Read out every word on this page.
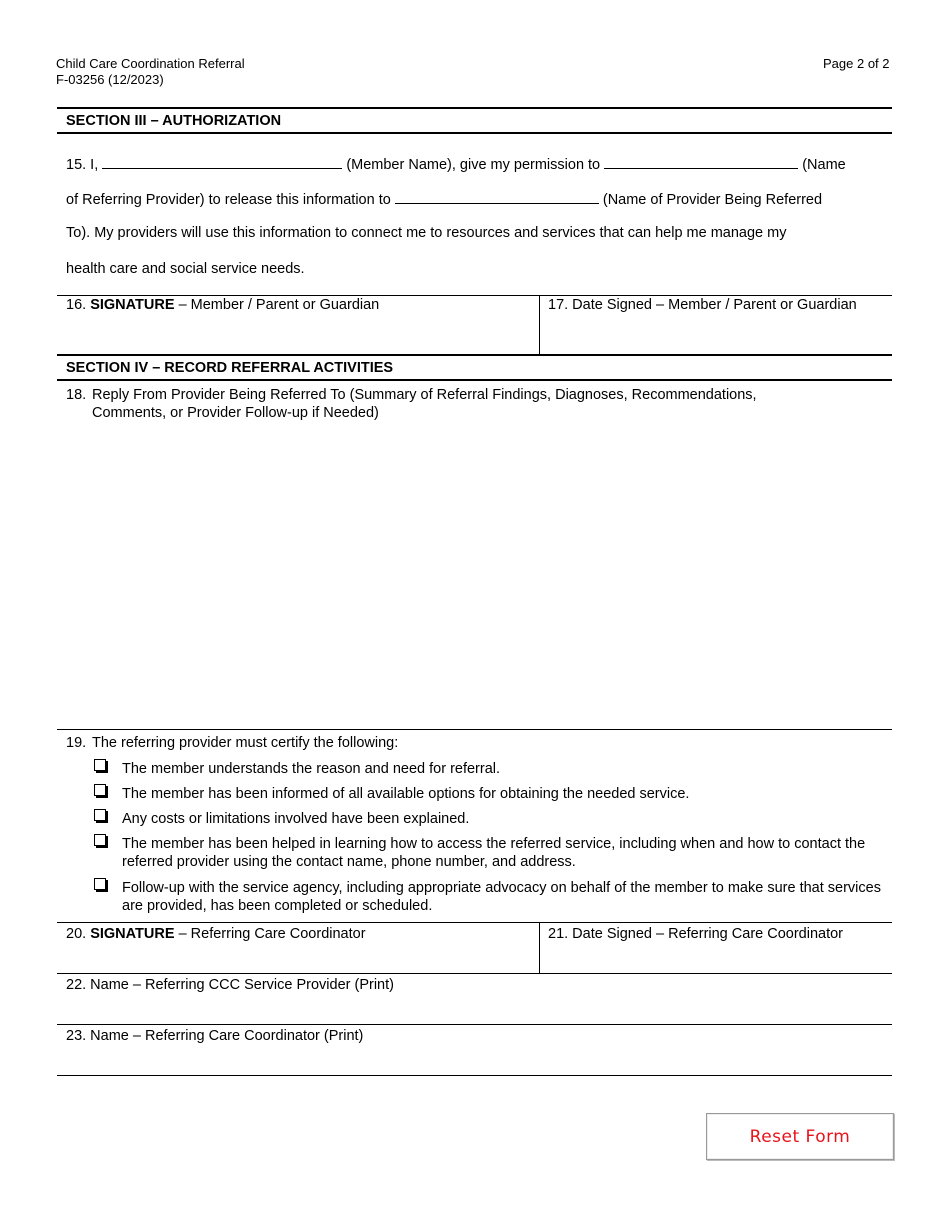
Child Care Coordination Referral
F-03256 (12/2023)
Page 2 of 2
SECTION III – AUTHORIZATION
15. I,	(Member Name), give my permission to	(Name
of Referring Provider) to release this information to	(Name of Provider Being Referred
To). My providers will use this information to connect me to resources and services that can help me manage my
health care and social service needs.
16. SIGNATURE – Member / Parent or Guardian	17. Date Signed – Member / Parent or Guardian
SECTION IV – RECORD REFERRAL ACTIVITIES
18. Reply From Provider Being Referred To (Summary of Referral Findings, Diagnoses, Recommendations,
Comments, or Provider Follow-up if Needed)
19. The referring provider must certify the following:
The member understands the reason and need for referral.
The member has been informed of all available options for obtaining the needed service.
Any costs or limitations involved have been explained.
The member has been helped in learning how to access the referred service, including when and how to contact the referred provider using the contact name, phone number, and address.
Follow-up with the service agency, including appropriate advocacy on behalf of the member to make sure that services are provided, has been completed or scheduled.
20. SIGNATURE – Referring Care Coordinator	21. Date Signed – Referring Care Coordinator
22. Name – Referring CCC Service Provider (Print)
23. Name – Referring Care Coordinator (Print)
Reset Form
